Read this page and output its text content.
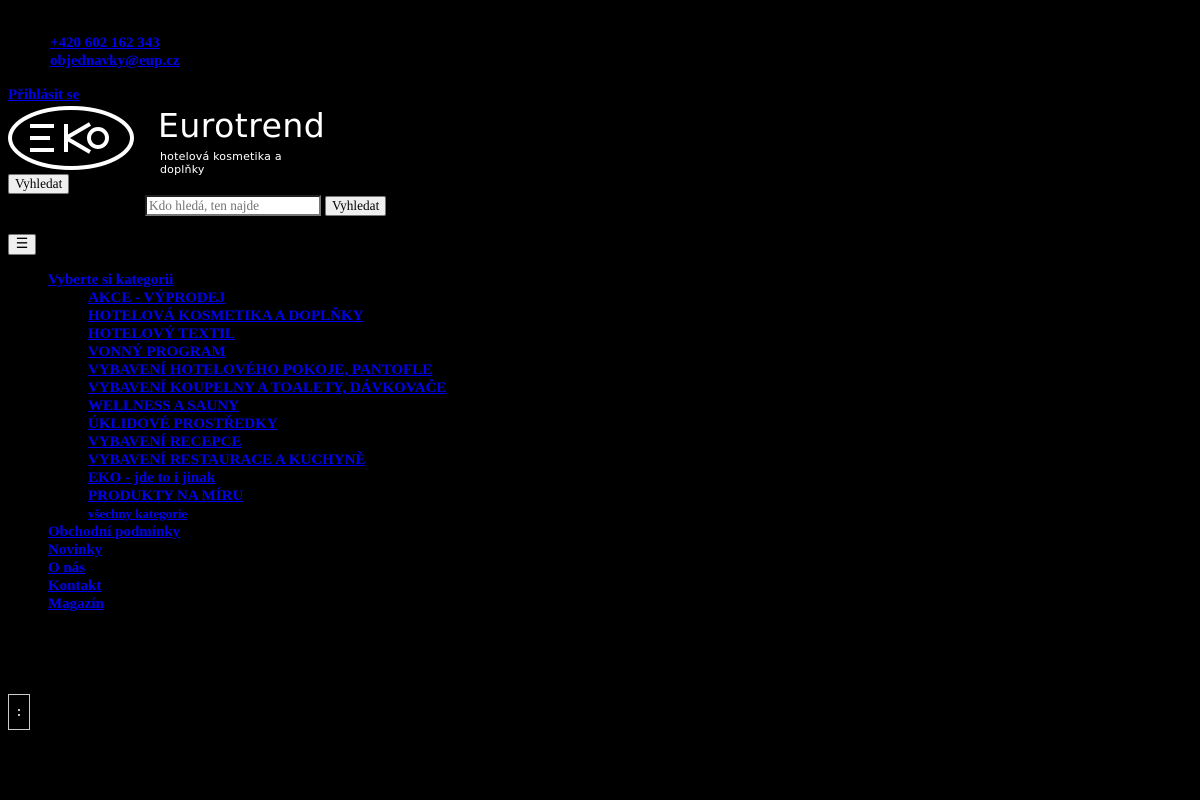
+420 602 162 343
objednavky@eup.cz
Přihlásit se
Eurotrend
hotelová kosmetika a doplňky
Vyhledat
Kdo hledá, ten najde
Vyhledat
☰
Vyberte si kategorii
AKCE - VÝPRODEJ
HOTELOVÁ KOSMETIKA A DOPLŇKY
HOTELOVÝ TEXTIL
VONNÝ PROGRAM
VYBAVENÍ HOTELOVÉHO POKOJE, PANTOFLE
VYBAVENÍ KOUPELNY A TOALETY, DÁVKOVAČE
WELLNESS A SAUNY
ÚKLIDOVÉ PROSTŘEDKY
VYBAVENÍ RECEPCE
VYBAVENÍ RESTAURACE A KUCHYNĚ
EKO - jde to i jinak
PRODUKTY NA MÍRU
všechny kategorie
Obchodní podmínky
Novinky
O nás
Kontakt
Magazín
